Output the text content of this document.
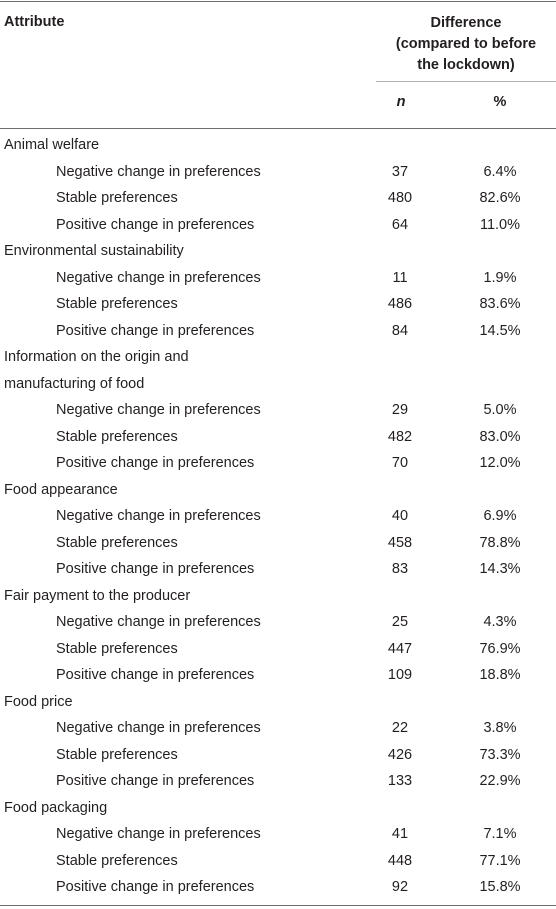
Attribute	Difference
(compared to before
the lockdown)
n	%
Animal welfare
Negative change in preferences	37	6.4%
Stable preferences	480	82.6%
Positive change in preferences	64	11.0%
Environmental sustainability
Negative change in preferences	11	1.9%
Stable preferences	486	83.6%
Positive change in preferences	84	14.5%
Information on the origin and
manufacturing of food
Negative change in preferences	29	5.0%
Stable preferences	482	83.0%
Positive change in preferences	70	12.0%
Food appearance
Negative change in preferences	40	6.9%
Stable preferences	458	78.8%
Positive change in preferences	83	14.3%
Fair payment to the producer
Negative change in preferences	25	4.3%
Stable preferences	447	76.9%
Positive change in preferences	109	18.8%
Food price
Negative change in preferences	22	3.8%
Stable preferences	426	73.3%
Positive change in preferences	133	22.9%
Food packaging
Negative change in preferences	41	7.1%
Stable preferences	448	77.1%
Positive change in preferences	92	15.8%
